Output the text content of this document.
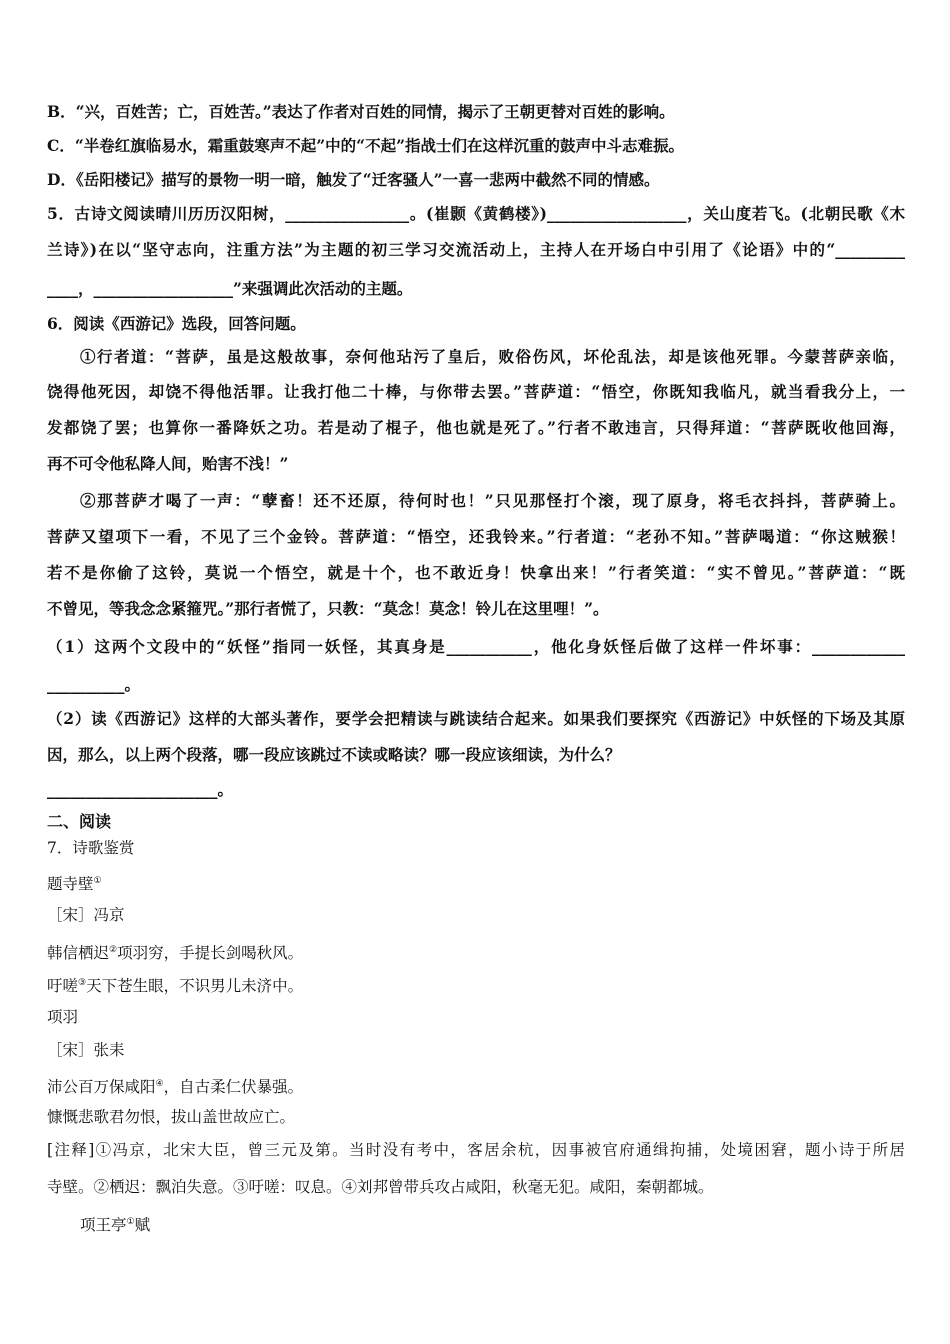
B．“兴，百姓苦；亡，百姓苦。”表达了作者对百姓的同情，揭示了王朝更替对百姓的影响。
C．“半卷红旗临易水，霜重鼓寒声不起”中的“不起”指战士们在这样沉重的鼓声中斗志难振。
D．《岳阳楼记》描写的景物一明一暗，触发了“迁客骚人”一喜一悲两中截然不同的情感。
5．古诗文阅读晴川历历汉阳树，________________。(崔颢《黄鹤楼》)__________________，关山度若飞。(北朝民歌《木
兰诗》)在以“坚守志向，注重方法”为主题的初三学习交流活动上，主持人在开场白中引用了《论语》中的“_________
____，__________________”来强调此次活动的主题。
6．阅读《西游记》选段，回答问题。
①行者道：“菩萨，虽是这般故事，奈何他玷污了皇后，败俗伤风，坏伦乱法，却是该他死罪。今蒙菩萨亲临，
饶得他死因，却饶不得他活罪。让我打他二十棒，与你带去罢。”菩萨道：“悟空，你既知我临凡，就当看我分上，一
发都饶了罢；也算你一番降妖之功。若是动了棍子，他也就是死了。”行者不敢违言，只得拜道：“菩萨既收他回海，
再不可令他私降人间，贻害不浅！”
②那菩萨才喝了一声：“孽畜！还不还原，待何时也！”只见那怪打个滚，现了原身，将毛衣抖抖，菩萨骑上。
菩萨又望项下一看，不见了三个金铃。菩萨道：“悟空，还我铃来。”行者道：“老孙不知。”菩萨喝道：“你这贼猴！
若不是你偷了这铃，莫说一个悟空，就是十个，也不敢近身！快拿出来！”行者笑道：“实不曾见。”菩萨道：“既
不曾见，等我念念紧箍咒。”那行者慌了，只教：“莫念！莫念！铃儿在这里哩！”。
（1）这两个文段中的“妖怪”指同一妖怪，其真身是___________，他化身妖怪后做了这样一件坏事：____________
__________。
（2）读《西游记》这样的大部头著作，要学会把精读与跳读结合起来。如果我们要探究《西游记》中妖怪的下场及其原
因，那么，以上两个段落，哪一段应该跳过不读或略读？哪一段应该细读，为什么？
______________________。
二、阅读
7．诗歌鉴赏
题寺壁①
［宋］冯京
韩信栖迟②项羽穷，手提长剑喝秋风。
吁嗟③天下苍生眼，不识男儿未济中。
项羽
［宋］张耒
沛公百万保咸阳④，自古柔仁伏暴强。
慷慨悲歌君勿恨，拔山盖世故应亡。
[注释]①冯京，北宋大臣，曾三元及第。当时没有考中，客居余杭，因事被官府通缉拘捕，处境困窘，题小诗于所居
寺壁。②栖迟：飘泊失意。③吁嗟：叹息。④刘邦曾带兵攻占咸阳，秋毫无犯。咸阳，秦朝都城。
项王亭①赋
